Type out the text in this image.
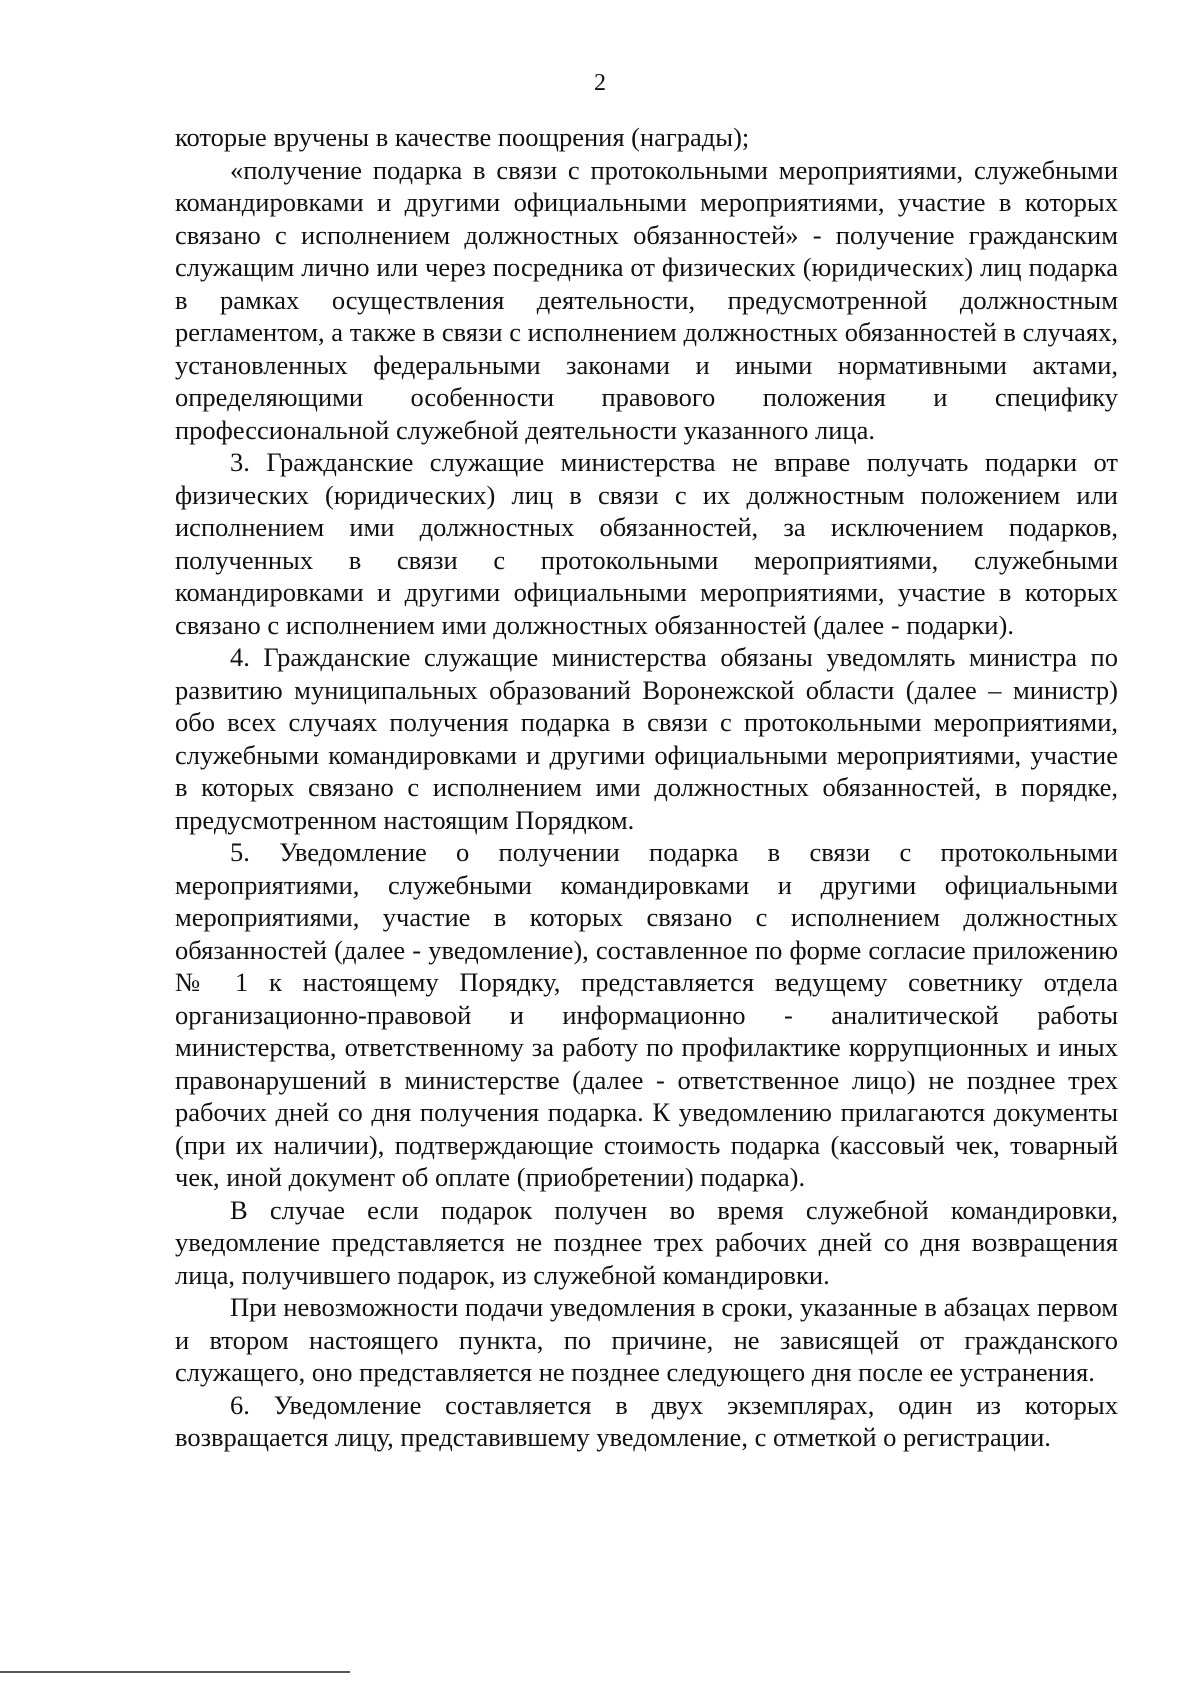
2

которые вручены в качестве поощрения (награды);

«получение подарка в связи с протокольными мероприятиями, служебными командировками и другими официальными мероприятиями, участие в которых связано с исполнением должностных обязанностей» - получение гражданским служащим лично или через посредника от физических (юридических) лиц подарка в рамках осуществления деятельности, предусмотренной должностным регламентом, а также в связи с исполнением должностных обязанностей в случаях, установленных федеральными законами и иными нормативными актами, определяющими особенности правового положения и специфику профессиональной служебной деятельности указанного лица.

3. Гражданские служащие министерства не вправе получать подарки от физических (юридических) лиц в связи с их должностным положением или исполнением ими должностных обязанностей, за исключением подарков, полученных в связи с протокольными мероприятиями, служебными командировками и другими официальными мероприятиями, участие в которых связано с исполнением ими должностных обязанностей (далее - подарки).

4. Гражданские служащие министерства обязаны уведомлять министра по развитию муниципальных образований Воронежской области (далее – министр) обо всех случаях получения подарка в связи с протокольными мероприятиями, служебными командировками и другими официальными мероприятиями, участие в которых связано с исполнением ими должностных обязанностей, в порядке, предусмотренном настоящим Порядком.

5. Уведомление о получении подарка в связи с протокольными мероприятиями, служебными командировками и другими официальными мероприятиями, участие в которых связано с исполнением должностных обязанностей (далее - уведомление), составленное по форме согласие приложению № 1 к настоящему Порядку, представляется ведущему советнику отдела организационно-правовой и информационно - аналитической работы министерства, ответственному за работу по профилактике коррупционных и иных правонарушений в министерстве (далее - ответственное лицо) не позднее трех рабочих дней со дня получения подарка. К уведомлению прилагаются документы (при их наличии), подтверждающие стоимость подарка (кассовый чек, товарный чек, иной документ об оплате (приобретении) подарка).

В случае если подарок получен во время служебной командировки, уведомление представляется не позднее трех рабочих дней со дня возвращения лица, получившего подарок, из служебной командировки.

При невозможности подачи уведомления в сроки, указанные в абзацах первом и втором настоящего пункта, по причине, не зависящей от гражданского служащего, оно представляется не позднее следующего дня после ее устранения.

6. Уведомление составляется в двух экземплярах, один из которых возвращается лицу, представившему уведомление, с отметкой о регистрации.
